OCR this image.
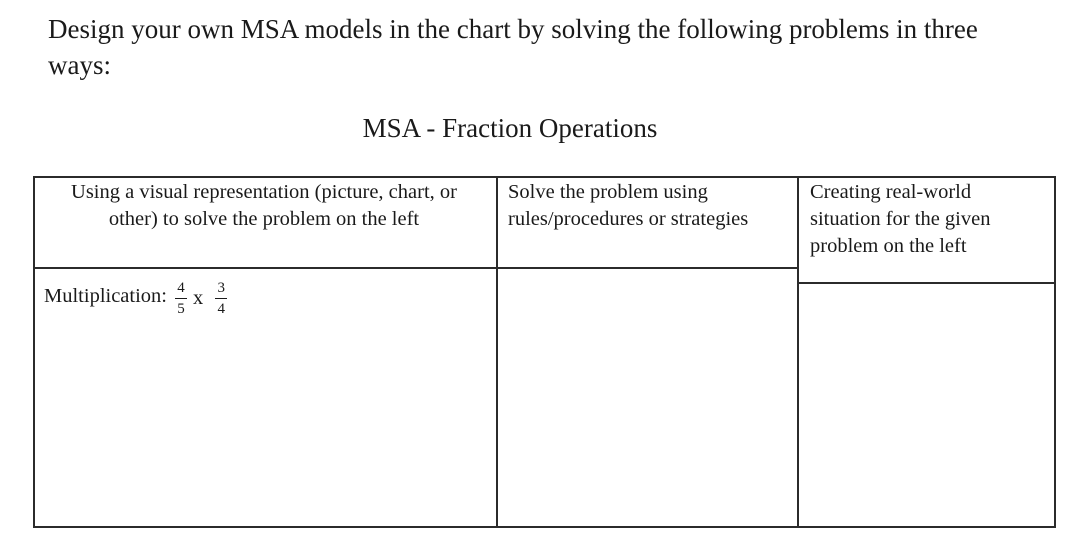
Design your own MSA models in the chart by solving the following problems in three
ways:
MSA - Fraction Operations
Using a visual representation (picture, chart, or
other) to solve the problem on the left
Solve the problem using
rules/procedures or strategies
Creating real-world
situation for the given
problem on the left
Multiplication: $\frac{4}{5}$ x $\frac{3}{4}$
